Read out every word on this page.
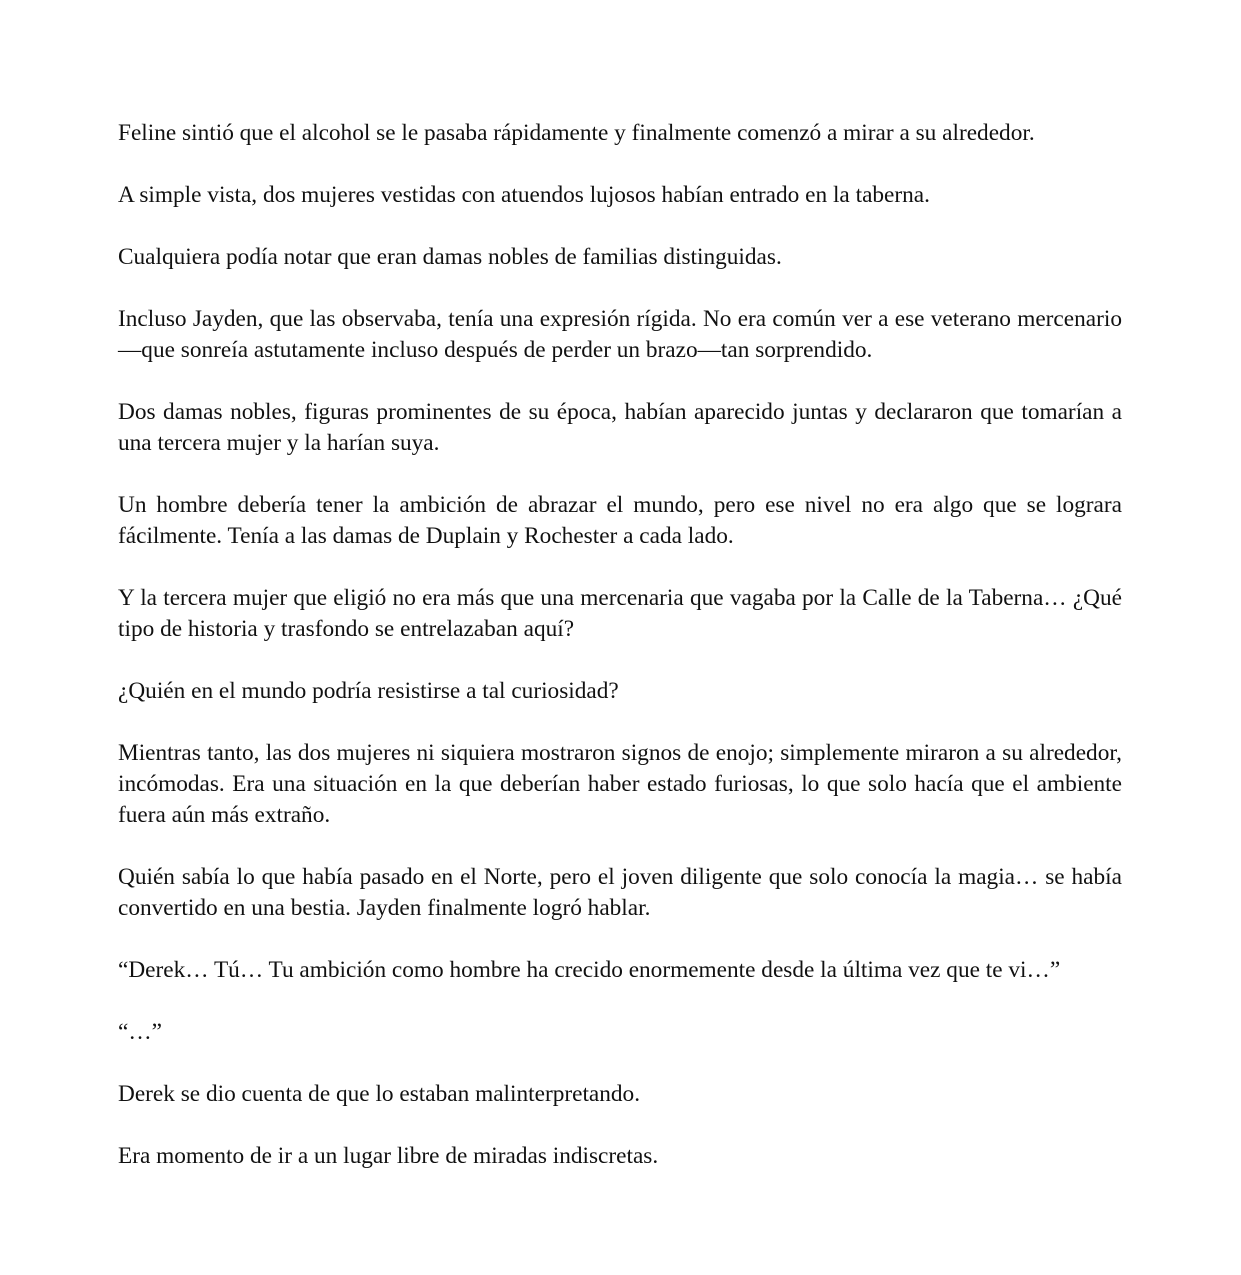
Feline sintió que el alcohol se le pasaba rápidamente y finalmente comenzó a mirar a su alrededor.

A simple vista, dos mujeres vestidas con atuendos lujosos habían entrado en la taberna.

Cualquiera podía notar que eran damas nobles de familias distinguidas.

Incluso Jayden, que las observaba, tenía una expresión rígida. No era común ver a ese veterano mercenario—que sonreía astutamente incluso después de perder un brazo—tan sorprendido.

Dos damas nobles, figuras prominentes de su época, habían aparecido juntas y declararon que tomarían a una tercera mujer y la harían suya.

Un hombre debería tener la ambición de abrazar el mundo, pero ese nivel no era algo que se lograra fácilmente. Tenía a las damas de Duplain y Rochester a cada lado.

Y la tercera mujer que eligió no era más que una mercenaria que vagaba por la Calle de la Taberna… ¿Qué tipo de historia y trasfondo se entrelazaban aquí?

¿Quién en el mundo podría resistirse a tal curiosidad?

Mientras tanto, las dos mujeres ni siquiera mostraron signos de enojo; simplemente miraron a su alrededor, incómodas. Era una situación en la que deberían haber estado furiosas, lo que solo hacía que el ambiente fuera aún más extraño.

Quién sabía lo que había pasado en el Norte, pero el joven diligente que solo conocía la magia… se había convertido en una bestia. Jayden finalmente logró hablar.

“Derek… Tú… Tu ambición como hombre ha crecido enormemente desde la última vez que te vi…”

“…”

Derek se dio cuenta de que lo estaban malinterpretando.

Era momento de ir a un lugar libre de miradas indiscretas.
